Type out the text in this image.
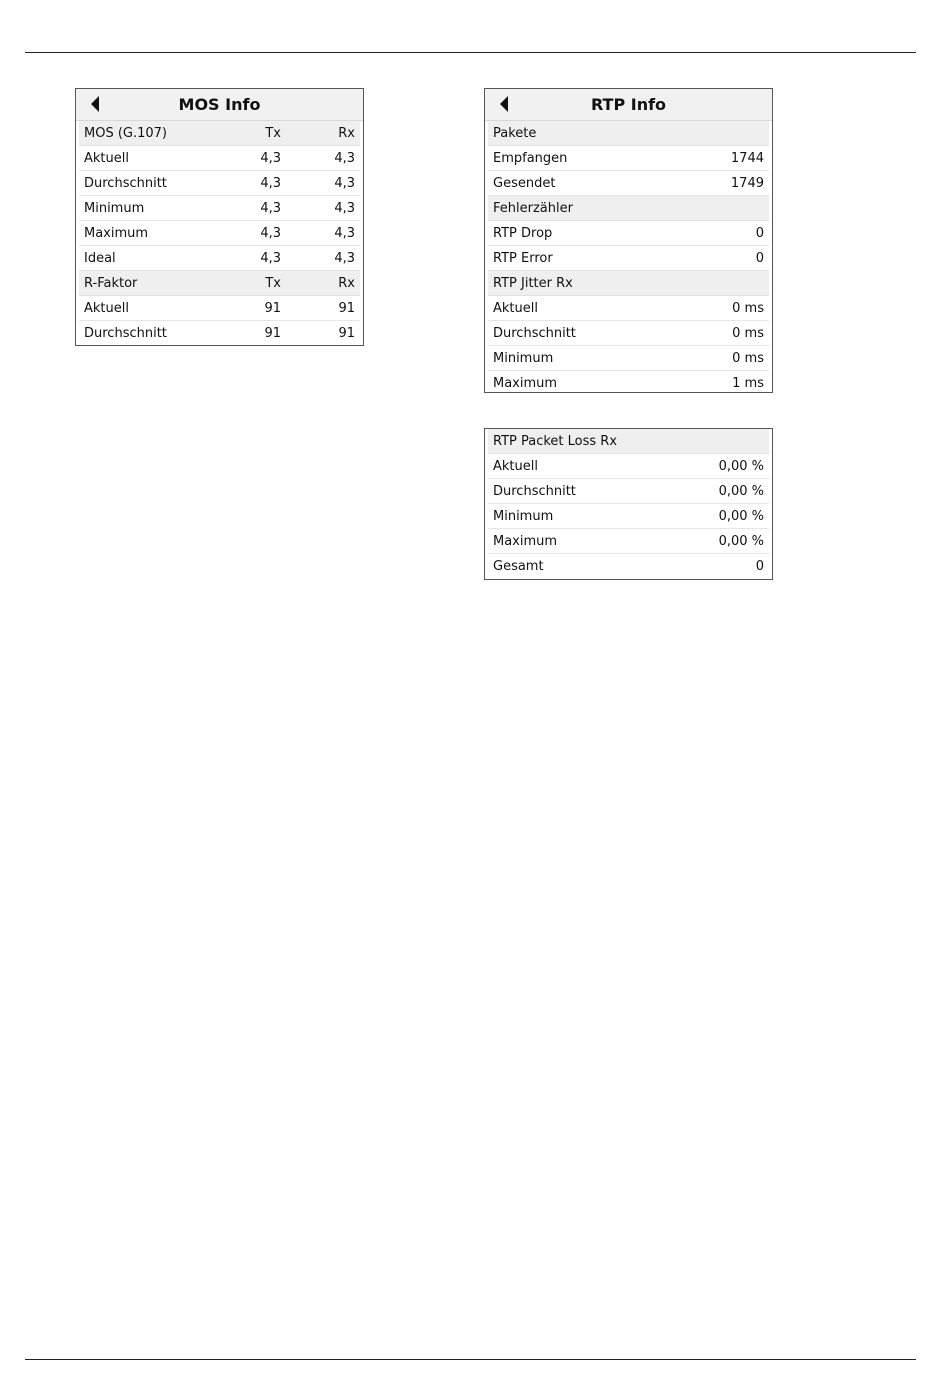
MOS Info
MOS (G.107)	Tx	Rx
Aktuell	4,3	4,3
Durchschnitt	4,3	4,3
Minimum	4,3	4,3
Maximum	4,3	4,3
Ideal	4,3	4,3
R-Faktor	Tx	Rx
Aktuell	91	91
Durchschnitt	91	91
RTP Info
Pakete
Empfangen	1744
Gesendet	1749
Fehlerzähler
RTP Drop	0
RTP Error	0
RTP Jitter Rx
Aktuell	0 ms
Durchschnitt	0 ms
Minimum	0 ms
Maximum	1 ms
RTP Packet Loss Rx
Aktuell	0,00 %
Durchschnitt	0,00 %
Minimum	0,00 %
Maximum	0,00 %
Gesamt	0
